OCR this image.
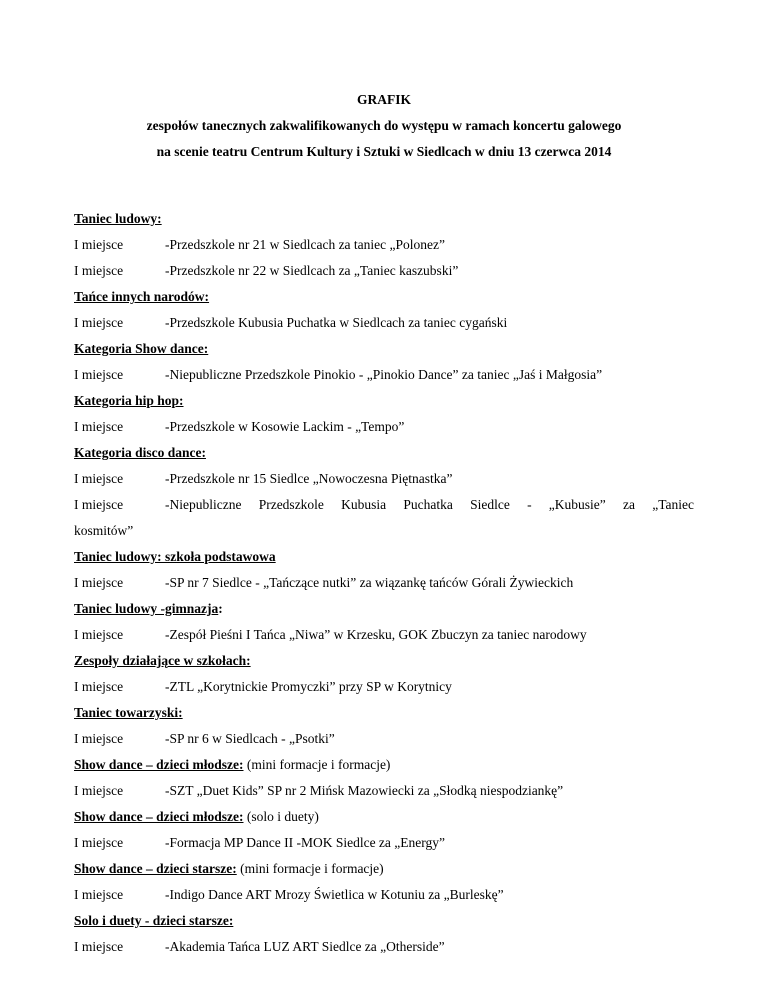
GRAFIK
zespołów tanecznych zakwalifikowanych do występu w ramach koncertu galowego
na scenie teatru Centrum Kultury i Sztuki w Siedlcach w dniu 13 czerwca 2014
Taniec ludowy:
I miejsce	-Przedszkole nr 21 w Siedlcach za taniec „Polonez”
I miejsce	-Przedszkole nr 22 w Siedlcach za „Taniec kaszubski”
Tańce innych narodów:
I miejsce	-Przedszkole Kubusia Puchatka w Siedlcach za taniec cygański
Kategoria Show dance:
I miejsce	-Niepubliczne Przedszkole Pinokio - „Pinokio Dance” za taniec „Jaś i Małgosia”
Kategoria hip hop:
I miejsce	-Przedszkole w Kosowie Lackim - „Tempo”
Kategoria disco dance:
I miejsce	-Przedszkole nr 15 Siedlce „Nowoczesna Piętnastka”
I miejsce	-Niepubliczne Przedszkole Kubusia Puchatka Siedlce - „Kubusie” za „Taniec
kosmitów”
Taniec ludowy: szkoła podstawowa
I miejsce	-SP nr 7 Siedlce - „Tańczące nutki” za wiązankę tańców Górali Żywieckich
Taniec ludowy -gimnazja:
I miejsce	-Zespół Pieśni I Tańca „Niwa” w Krzesku, GOK Zbuczyn za taniec narodowy
Zespoły działające w szkołach:
I miejsce	-ZTL „Korytnickie Promyczki” przy SP w Korytnicy
Taniec towarzyski:
I miejsce	-SP nr 6 w Siedlcach - „Psotki”
Show dance – dzieci młodsze: (mini formacje i formacje)
I miejsce	-SZT „Duet Kids” SP nr 2 Mińsk Mazowiecki za „Słodką niespodziankę”
Show dance – dzieci młodsze: (solo i duety)
I miejsce	-Formacja MP Dance II -MOK Siedlce za „Energy”
Show dance – dzieci starsze: (mini formacje i formacje)
I miejsce	-Indigo Dance ART Mrozy Świetlica w Kotuniu za „Burleskę”
Solo i duety - dzieci starsze:
I miejsce	-Akademia Tańca LUZ ART Siedlce za „Otherside”
